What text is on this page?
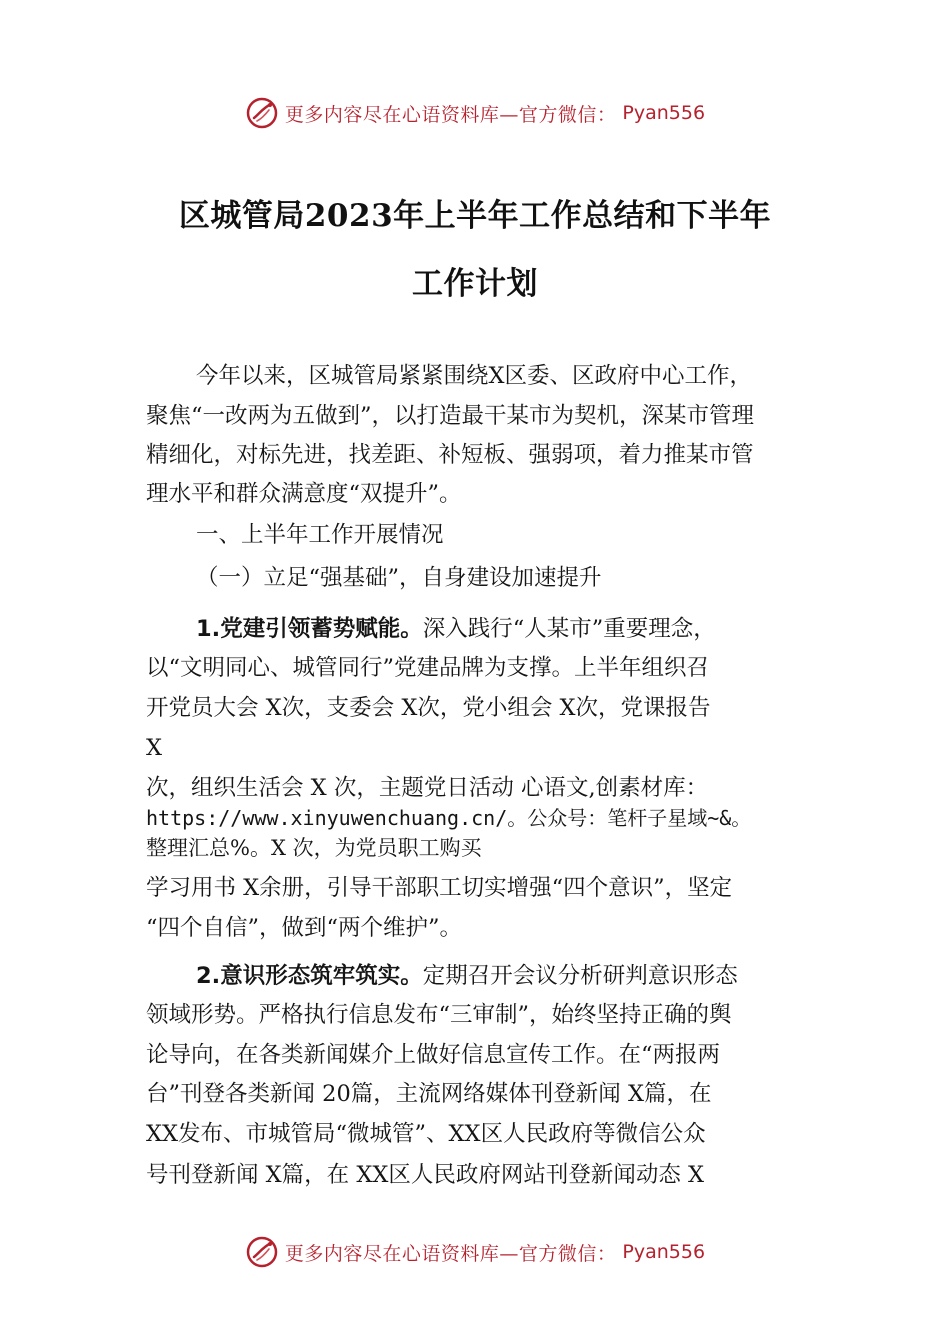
更多内容尽在心语资料库—官方微信： Pyan556
区城管局2023年上半年工作总结和下半年
工作计划
今年以来，区城管局紧紧围绕X区委、区政府中心工作，
聚焦“一改两为五做到”，以打造最干某市为契机，深某市管理
精细化，对标先进，找差距、补短板、强弱项，着力推某市管
理水平和群众满意度“双提升”。
一、上半年工作开展情况
（一）立足“强基础”，自身建设加速提升
1.党建引领蓄势赋能。深入践行“人某市”重要理念，
以“文明同心、城管同行”党建品牌为支撑。上半年组织召
开党员大会 X次，支委会 X次，党小组会 X次，党课报告
X
次，组织生活会 X 次，主题党日活动 心语文,创素材库：
https://www.xinyuwenchuang.cn/。公众号：笔杆子星域~&。
整理汇总%。X 次，为党员职工购买
学习用书 X余册，引导干部职工切实增强“四个意识”，坚定
“四个自信”，做到“两个维护”。
2.意识形态筑牢筑实。定期召开会议分析研判意识形态
领域形势。严格执行信息发布“三审制”，始终坚持正确的舆
论导向，在各类新闻媒介上做好信息宣传工作。在“两报两
台”刊登各类新闻 20篇，主流网络媒体刊登新闻 X篇，在
XX发布、市城管局“微城管”、XX区人民政府等微信公众
号刊登新闻 X篇，在 XX区人民政府网站刊登新闻动态 X
更多内容尽在心语资料库—官方微信： Pyan556
